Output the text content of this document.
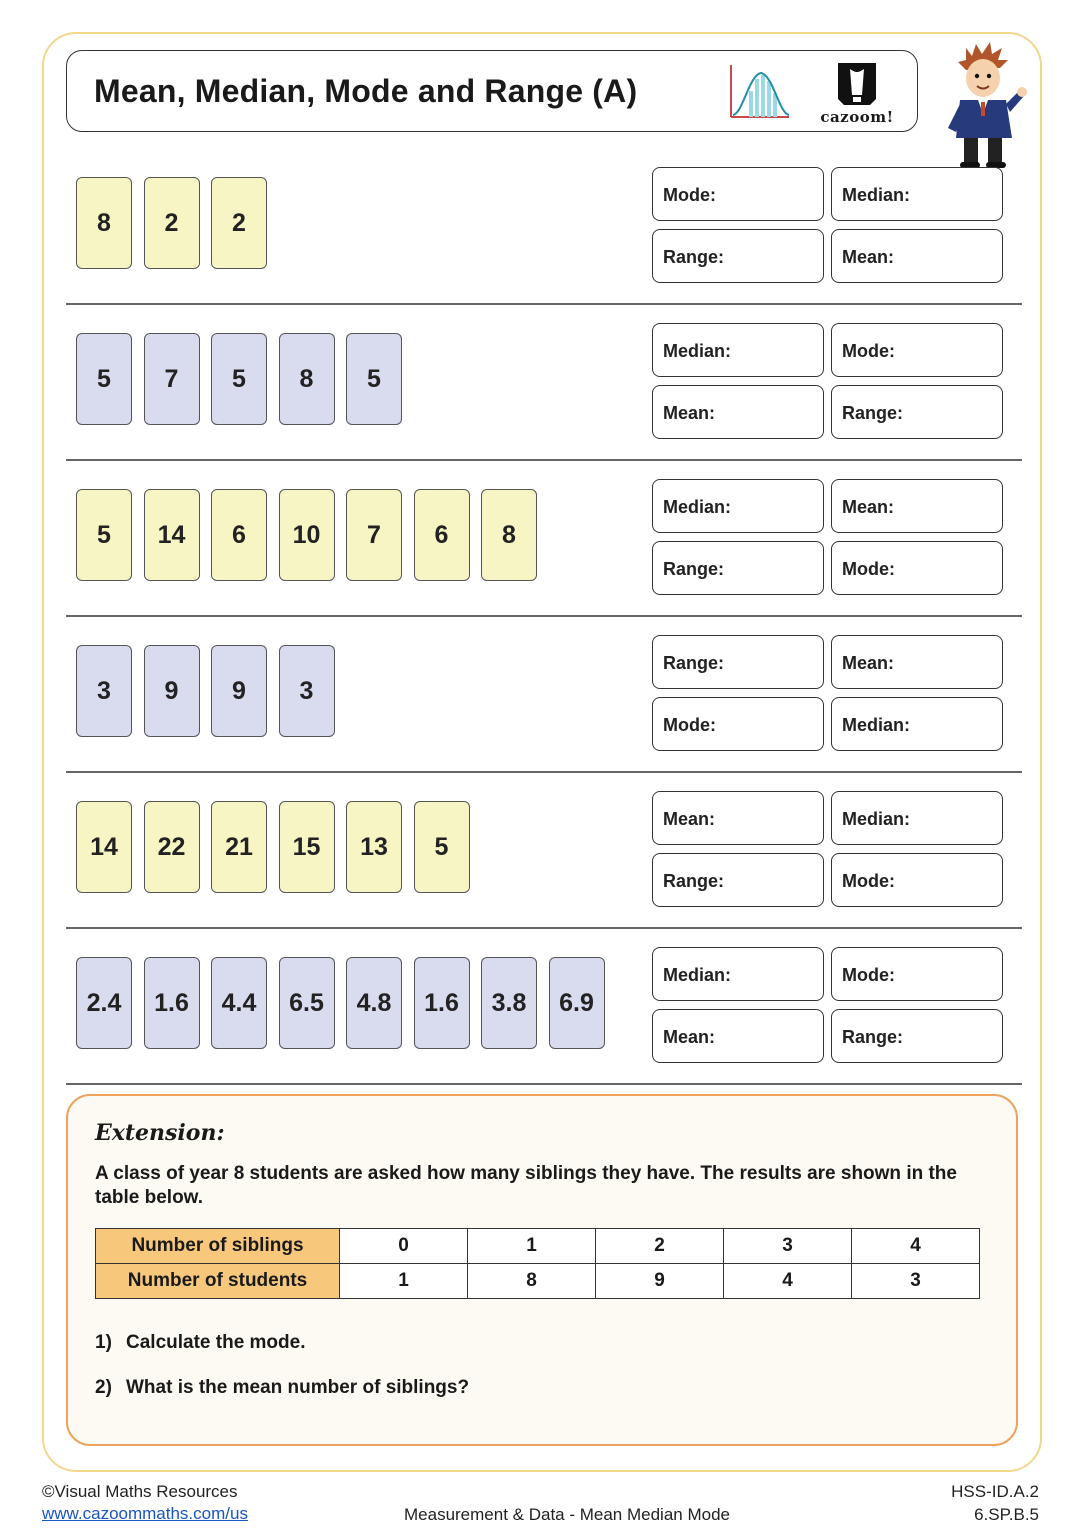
Mean, Median, Mode and Range (A)
cazoom!
8	2	2
Mode:	Median:
Range:	Mean:
5	7	5	8	5
Median:	Mode:
Mean:	Range:
5	14	6	10	7	6	8
Median:	Mean:
Range:	Mode:
3	9	9	3
Range:	Mean:
Mode:	Median:
14	22	21	15	13	5
Mean:	Median:
Range:	Mode:
2.4	1.6	4.4	6.5	4.8	1.6	3.8	6.9
Median:	Mode:
Mean:	Range:
Extension:
A class of year 8 students are asked how many siblings they have. The results are shown in the table below.
Number of siblings	0	1	2	3	4
Number of students	1	8	9	4	3
1) Calculate the mode.
2) What is the mean number of siblings?
©Visual Maths Resources
www.cazoommaths.com/us	Measurement & Data - Mean Median Mode
HSS-ID.A.2
6.SP.B.5
